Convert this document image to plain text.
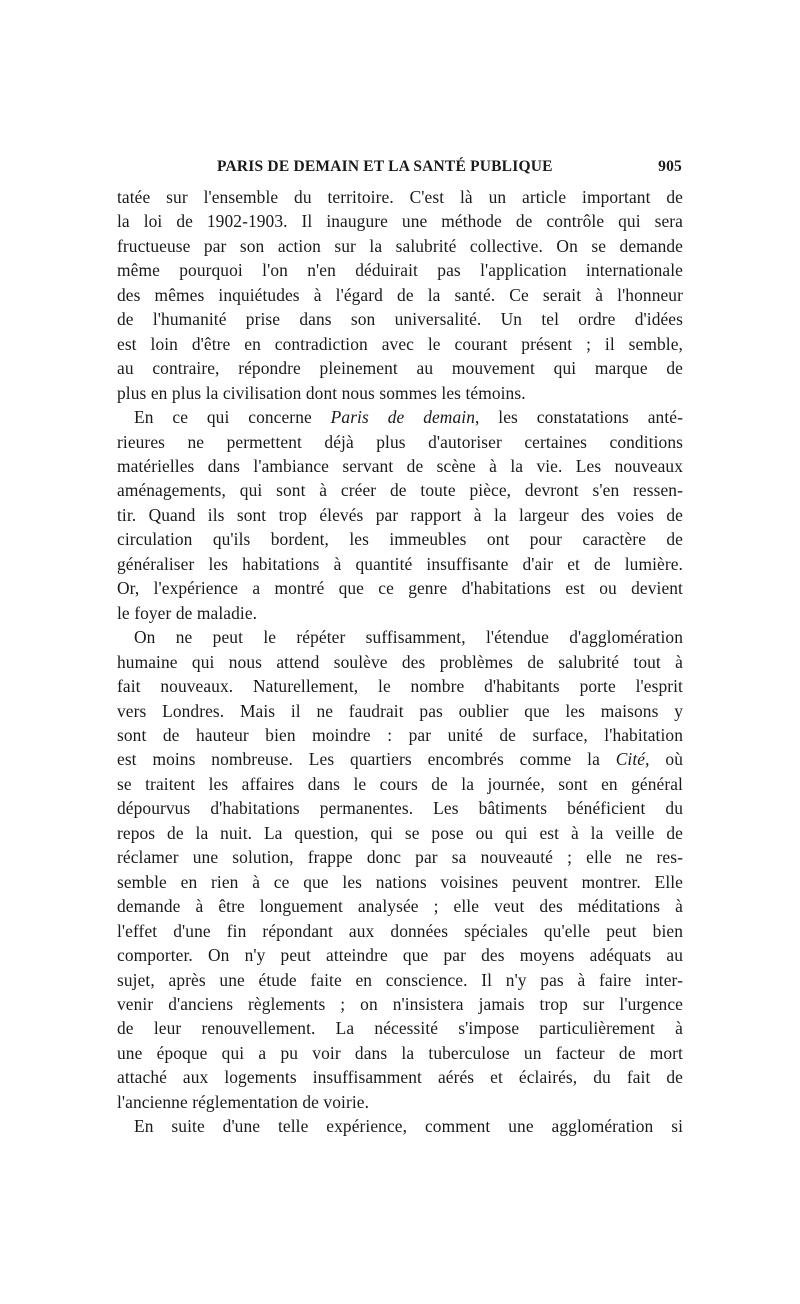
PARIS DE DEMAIN ET LA SANTÉ PUBLIQUE	905

tatée sur l'ensemble du territoire. C'est là un article important de
la loi de 1902-1903. Il inaugure une méthode de contrôle qui sera
fructueuse par son action sur la salubrité collective. On se demande
même pourquoi l'on n'en déduirait pas l'application internationale
des mêmes inquiétudes à l'égard de la santé. Ce serait à l'honneur
de l'humanité prise dans son universalité. Un tel ordre d'idées
est loin d'être en contradiction avec le courant présent ; il semble,
au contraire, répondre pleinement au mouvement qui marque de
plus en plus la civilisation dont nous sommes les témoins.

En ce qui concerne Paris de demain, les constatations anté-
rieures ne permettent déjà plus d'autoriser certaines conditions
matérielles dans l'ambiance servant de scène à la vie. Les nouveaux
aménagements, qui sont à créer de toute pièce, devront s'en ressen-
tir. Quand ils sont trop élevés par rapport à la largeur des voies de
circulation qu'ils bordent, les immeubles ont pour caractère de
généraliser les habitations à quantité insuffisante d'air et de lumière.
Or, l'expérience a montré que ce genre d'habitations est ou devient
le foyer de maladie.

On ne peut le répéter suffisamment, l'étendue d'agglomération
humaine qui nous attend soulève des problèmes de salubrité tout à
fait nouveaux. Naturellement, le nombre d'habitants porte l'esprit
vers Londres. Mais il ne faudrait pas oublier que les maisons y
sont de hauteur bien moindre : par unité de surface, l'habitation
est moins nombreuse. Les quartiers encombrés comme la Cité, où
se traitent les affaires dans le cours de la journée, sont en général
dépourvus d'habitations permanentes. Les bâtiments bénéficient du
repos de la nuit. La question, qui se pose ou qui est à la veille de
réclamer une solution, frappe donc par sa nouveauté ; elle ne res-
semble en rien à ce que les nations voisines peuvent montrer. Elle
demande à être longuement analysée ; elle veut des méditations à
l'effet d'une fin répondant aux données spéciales qu'elle peut bien
comporter. On n'y peut atteindre que par des moyens adéquats au
sujet, après une étude faite en conscience. Il n'y pas à faire inter-
venir d'anciens règlements ; on n'insistera jamais trop sur l'urgence
de leur renouvellement. La nécessité s'impose particulièrement à
une époque qui a pu voir dans la tuberculose un facteur de mort
attaché aux logements insuffisamment aérés et éclairés, du fait de
l'ancienne réglementation de voirie.

En suite d'une telle expérience, comment une agglomération si
